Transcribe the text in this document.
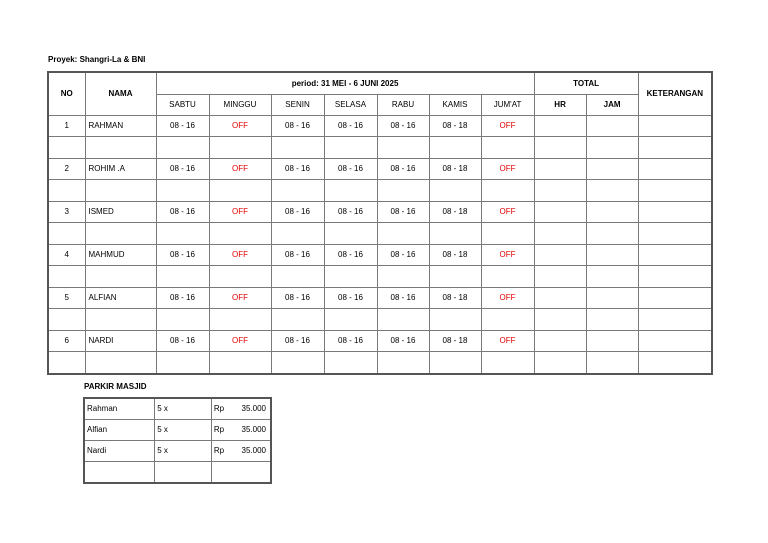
Proyek: Shangri-La & BNI
NO	NAMA	period: 31 MEI - 6 JUNI 2025							TOTAL		KETERANGAN
		SABTU	MINGGU	SENIN	SELASA	RABU	KAMIS	JUM'AT	HR	JAM	
1	RAHMAN	08 - 16	OFF	08 - 16	08 - 16	08 - 16	08 - 18	OFF			

2	ROHIM .A	08 - 16	OFF	08 - 16	08 - 16	08 - 16	08 - 18	OFF			

3	ISMED	08 - 16	OFF	08 - 16	08 - 16	08 - 16	08 - 18	OFF			

4	MAHMUD	08 - 16	OFF	08 - 16	08 - 16	08 - 16	08 - 18	OFF			

5	ALFIAN	08 - 16	OFF	08 - 16	08 - 16	08 - 16	08 - 18	OFF			

6	NARDI	08 - 16	OFF	08 - 16	08 - 16	08 - 16	08 - 18	OFF			

PARKIR MASJID
Rahman	5 x	Rp 35.000

Alfian	5 x	Rp 35.000

Nardi	5 x	Rp 35.000
